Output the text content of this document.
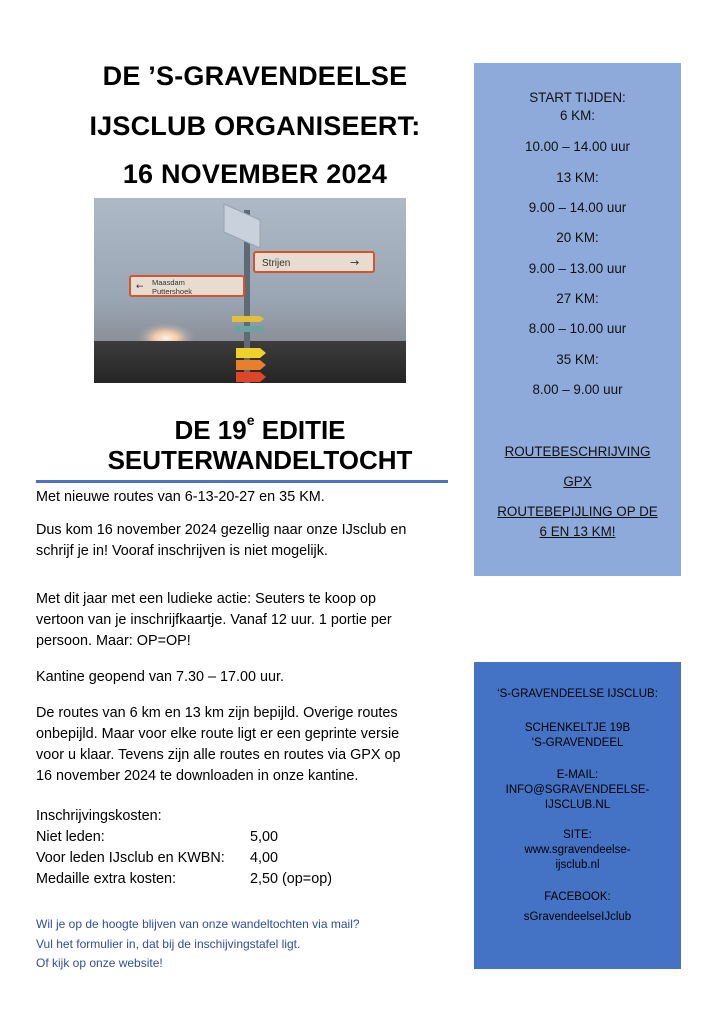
DE ’S-GRAVENDEELSE
IJSCLUB ORGANISEERT:
16 NOVEMBER 2024
Strijen	→
← Maasdam
Puttershoek
DE 19e EDITIE
SEUTERWANDELTOCHT
Met nieuwe routes van 6-13-20-27 en 35 KM.
Dus kom 16 november 2024 gezellig naar onze IJsclub en
schrijf je in! Vooraf inschrijven is niet mogelijk.
Met dit jaar met een ludieke actie: Seuters te koop op
vertoon van je inschrijfkaartje. Vanaf 12 uur. 1 portie per
persoon. Maar: OP=OP!
Kantine geopend van 7.30 – 17.00 uur.
De routes van 6 km en 13 km zijn bepijld. Overige routes
onbepijld. Maar voor elke route ligt er een geprinte versie
voor u klaar. Tevens zijn alle routes en routes via GPX op
16 november 2024 te downloaden in onze kantine.
Inschrijvingskosten:
Niet leden:	5,00
Voor leden IJsclub en KWBN:	4,00
Medaille extra kosten:	2,50 (op=op)
Wil je op de hoogte blijven van onze wandeltochten via mail?
Vul het formulier in, dat bij de inschijvingstafel ligt.
Of kijk op onze website!
START TIJDEN:
6 KM:
10.00 – 14.00 uur
13 KM:
9.00 – 14.00 uur
20 KM:
9.00 – 13.00 uur
27 KM:
8.00 – 10.00 uur
35 KM:
8.00 – 9.00 uur
ROUTEBESCHRIJVING
GPX
ROUTEBEPIJLING OP DE
6 EN 13 KM!
‘S-GRAVENDEELSE IJSCLUB:
SCHENKELTJE 19B
‘S-GRAVENDEEL
E-MAIL:
INFO@SGRAVENDEELSE-
IJSCLUB.NL
SITE:
www.sgravendeelse-
ijsclub.nl
FACEBOOK:
sGravendeelseIJclub
